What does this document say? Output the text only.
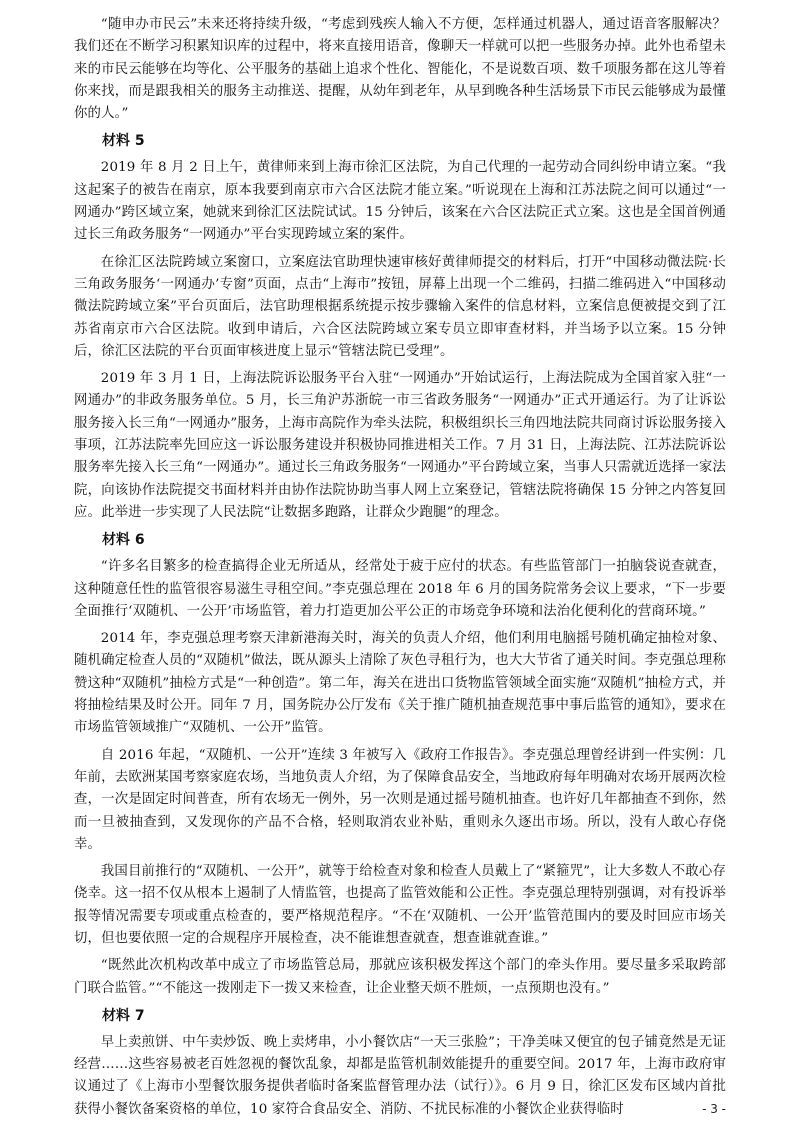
“随申办市民云”未来还将持续升级，“考虑到残疾人输入不方便，怎样通过机器人，通过语音客服解决？我们还在不断学习积累知识库的过程中，将来直接用语音，像聊天一样就可以把一些服务办掉。此外也希望未来的市民云能够在均等化、公平服务的基础上追求个性化、智能化，不是说数百项、数千项服务都在这儿等着你来找，而是跟我相关的服务主动推送、提醒，从幼年到老年，从早到晚各种生活场景下市民云能够成为最懂你的人。”

材料 5

2019 年 8 月 2 日上午，黄律师来到上海市徐汇区法院，为自己代理的一起劳动合同纠纷申请立案。“我这起案子的被告在南京，原本我要到南京市六合区法院才能立案。”听说现在上海和江苏法院之间可以通过“一网通办”跨区域立案，她就来到徐汇区法院试试。15 分钟后，该案在六合区法院正式立案。这也是全国首例通过长三角政务服务“一网通办”平台实现跨域立案的案件。

在徐汇区法院跨域立案窗口，立案庭法官助理快速审核好黄律师提交的材料后，打开“中国移动微法院·长三角政务服务‘一网通办’专窗”页面，点击“上海市”按钮，屏幕上出现一个二维码，扫描二维码进入“中国移动微法院跨域立案”平台页面后，法官助理根据系统提示按步骤输入案件的信息材料，立案信息便被提交到了江苏省南京市六合区法院。收到申请后，六合区法院跨域立案专员立即审查材料，并当场予以立案。15 分钟后，徐汇区法院的平台页面审核进度上显示“管辖法院已受理”。

2019 年 3 月 1 日，上海法院诉讼服务平台入驻“一网通办”开始试运行，上海法院成为全国首家入驻“一网通办”的非政务服务单位。5 月，长三角沪苏浙皖一市三省政务服务“一网通办”正式开通运行。为了让诉讼服务接入长三角“一网通办”服务，上海市高院作为牵头法院，积极组织长三角四地法院共同商讨诉讼服务接入事项，江苏法院率先回应这一诉讼服务建设并积极协同推进相关工作。7 月 31 日，上海法院、江苏法院诉讼服务率先接入长三角“一网通办”。通过长三角政务服务“一网通办”平台跨域立案，当事人只需就近选择一家法院，向该协作法院提交书面材料并由协作法院协助当事人网上立案登记，管辖法院将确保 15 分钟之内答复回应。此举进一步实现了人民法院“让数据多跑路，让群众少跑腿”的理念。

材料 6

“许多名目繁多的检查搞得企业无所适从，经常处于疲于应付的状态。有些监管部门一拍脑袋说查就查，这种随意任性的监管很容易滋生寻租空间。”李克强总理在 2018 年 6 月的国务院常务会议上要求，“下一步要全面推行‘双随机、一公开’市场监管，着力打造更加公平公正的市场竞争环境和法治化便利化的营商环境。”

2014 年，李克强总理考察天津新港海关时，海关的负责人介绍，他们利用电脑摇号随机确定抽检对象、随机确定检查人员的“双随机”做法，既从源头上清除了灰色寻租行为，也大大节省了通关时间。李克强总理称赞这种“双随机”抽检方式是“一种创造”。第二年，海关在进出口货物监管领域全面实施“双随机”抽检方式，并将抽检结果及时公开。同年 7 月，国务院办公厅发布《关于推广随机抽查规范事中事后监管的通知》，要求在市场监管领域推广“双随机、一公开”监管。

自 2016 年起，“双随机、一公开”连续 3 年被写入《政府工作报告》。李克强总理曾经讲到一件实例：几年前，去欧洲某国考察家庭农场，当地负责人介绍，为了保障食品安全，当地政府每年明确对农场开展两次检查，一次是固定时间普查，所有农场无一例外，另一次则是通过摇号随机抽查。也许好几年都抽查不到你，然而一旦被抽查到，又发现你的产品不合格，轻则取消农业补贴，重则永久逐出市场。所以，没有人敢心存侥幸。

我国目前推行的“双随机、一公开”，就等于给检查对象和检查人员戴上了“紧箍咒”，让大多数人不敢心存侥幸。这一招不仅从根本上遏制了人情监管，也提高了监管效能和公正性。李克强总理特别强调，对有投诉举报等情况需要专项或重点检查的，要严格规范程序。“不在‘双随机、一公开’监管范围内的要及时回应市场关切，但也要依照一定的合规程序开展检查，决不能谁想查就查，想查谁就查谁。”

“既然此次机构改革中成立了市场监管总局，那就应该积极发挥这个部门的牵头作用。要尽量多采取跨部门联合监管。”“不能这一拨刚走下一拨又来检查，让企业整天烦不胜烦，一点预期也没有。”

材料 7

早上卖煎饼、中午卖炒饭、晚上卖烤串，小小餐饮店“一天三张脸”；干净美味又便宜的包子铺竟然是无证经营……这些容易被老百姓忽视的餐饮乱象，却都是监管机制效能提升的重要空间。2017 年，上海市政府审议通过了《上海市小型餐饮服务提供者临时备案监督管理办法（试行）》。6 月 9 日，徐汇区发布区域内首批获得小餐饮备案资格的单位，10 家符合食品安全、消防、不扰民标准的小餐饮企业获得临时	- 3 -
